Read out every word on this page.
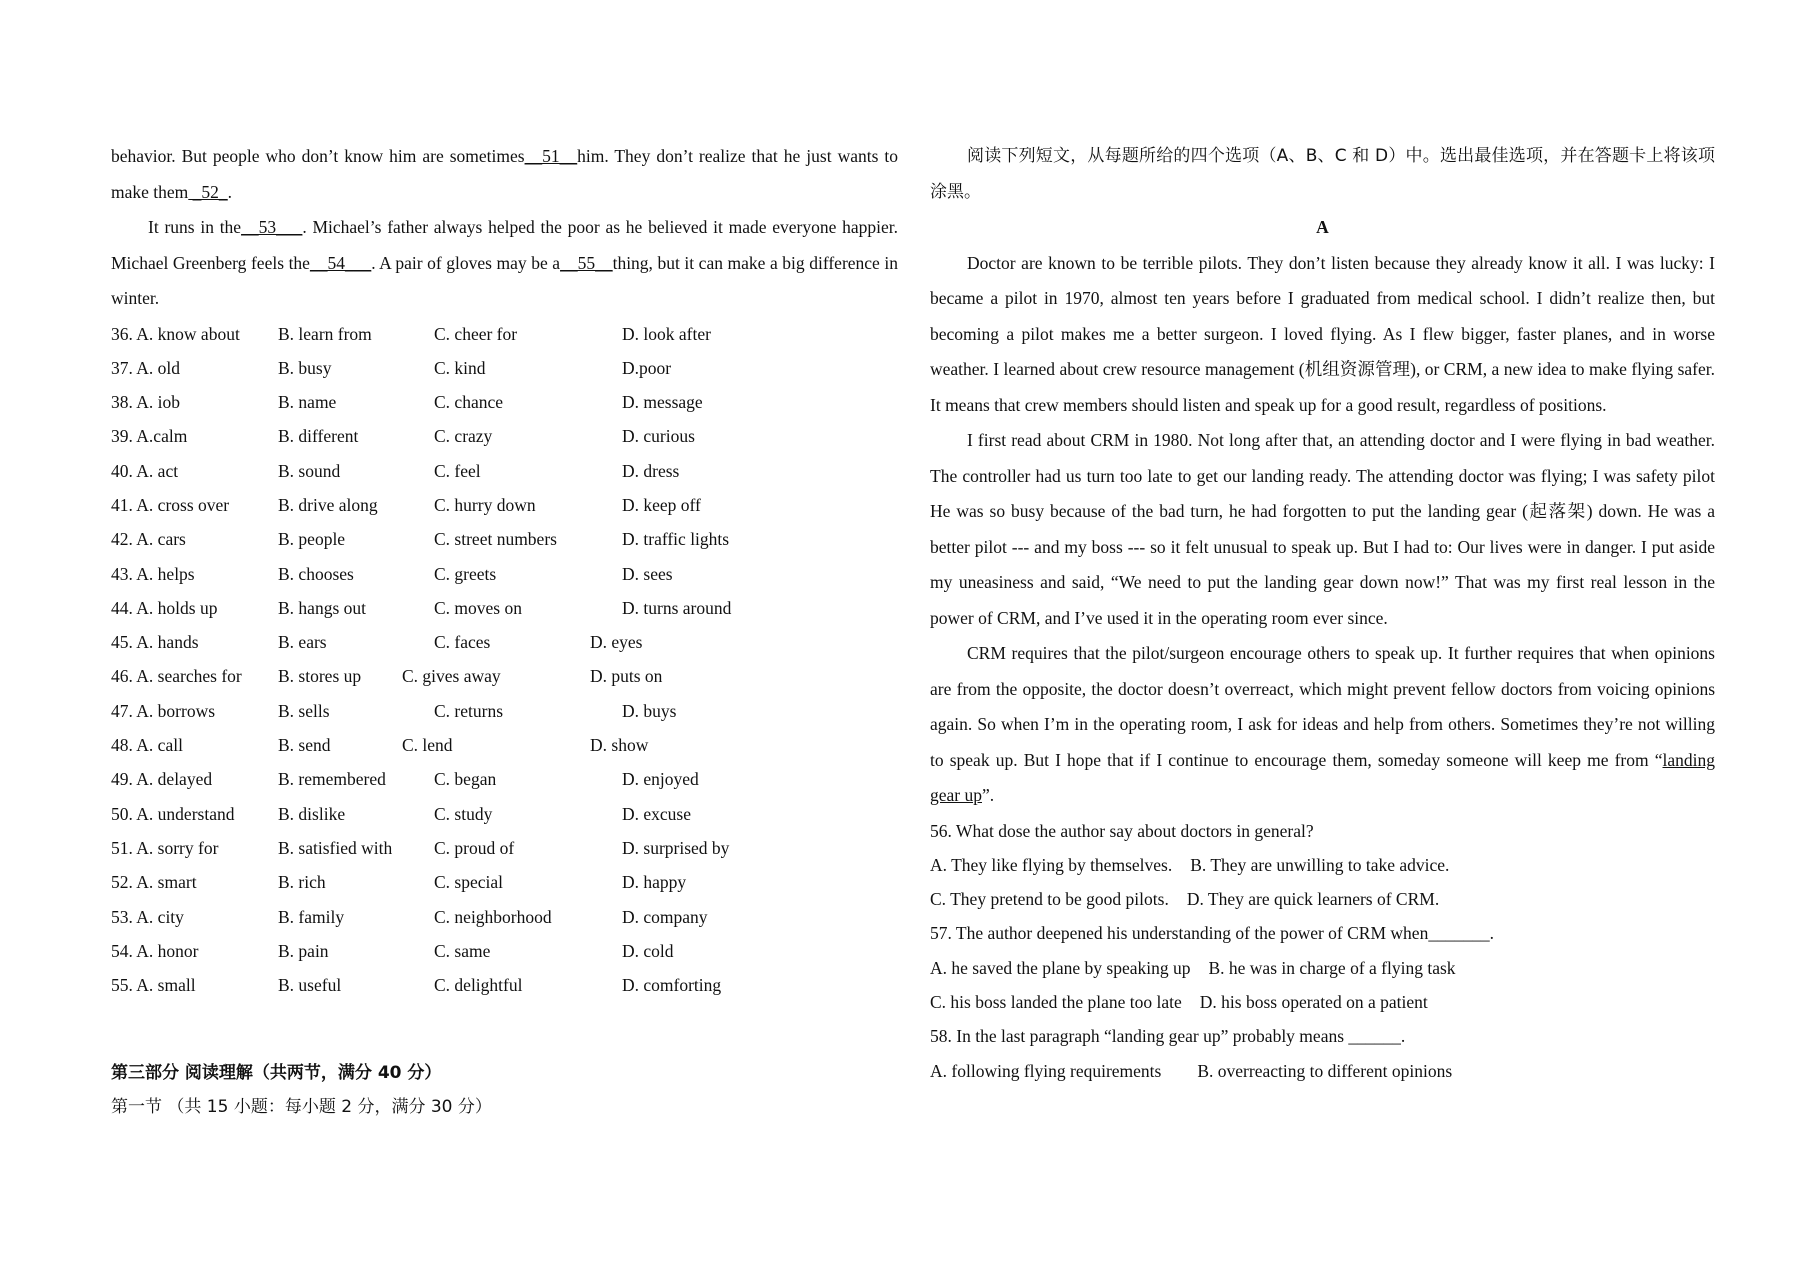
behavior. But people who don’t know him are sometimes__51__him. They don’t realize that he just wants to make them _52_.

It runs in the__53___. Michael’s father always helped the poor as he believed it made everyone happier. Michael Greenberg feels the__54___. A pair of gloves may be a__55__thing, but it can make a big difference in winter.

36. A. know about B. learn from	C. cheer for	D. look after
37. A. old	B. busy	C. kind	D.poor
38. A. iob	B. name	C. chance	D. message
39. A.calm	B. different	C. crazy	D. curious
40. A. act	B. sound	C. feel	D. dress
41. A. cross over	B. drive along	C. hurry down	D. keep off
42. A. cars	B. people	C. street numbers	D. traffic lights
43. A. helps	B. chooses	C. greets	D. sees
44. A. holds up	B. hangs out	C. moves on	D. turns around
45. A. hands	B. ears	C. faces	D. eyes
46. A. searches for B. stores up C. gives away	D. puts on
47. A. borrows	B. sells	C. returns	D. buys
48. A. call	B. send	C. lend	D. show
49. A. delayed	B. remembered	C. began	D. enjoyed
50. A. understand B. dislike	C. study	D. excuse
51. A. sorry for	B. satisfied with C. proud of	D. surprised by
52. A. smart	B. rich	C. special	D. happy
53. A. city	B. family	C. neighborhood	D. company
54. A. honor	B. pain	C. same	D. cold
55. A. small	B. useful	C. delightful	D. comforting
第三部分 阅读理解（共两节，满分 40 分）
第一节 （共 15 小题：每小题 2 分，满分 30 分）

阅读下列短文，从每题所给的四个选项（A、B、C 和 D）中。选出最佳选项，并在答题卡上将该项涂黑。

A

Doctor are known to be terrible pilots. They don’t listen because they already know it all. I was lucky: I became a pilot in 1970, almost ten years before I graduated from medical school. I didn’t realize then, but becoming a pilot makes me a better surgeon. I loved flying. As I flew bigger, faster planes, and in worse weather. I learned about crew resource management (机组资源管理), or CRM, a new idea to make flying safer. It means that crew members should listen and speak up for a good result, regardless of positions.

I first read about CRM in 1980. Not long after that, an attending doctor and I were flying in bad weather. The controller had us turn too late to get our landing ready. The attending doctor was flying; I was safety pilot He was so busy because of the bad turn, he had forgotten to put the landing gear (起落架) down. He was a better pilot --- and my boss --- so it felt unusual to speak up. But I had to: Our lives were in danger. I put aside my uneasiness and said, “We need to put the landing gear down now!” That was my first real lesson in the power of CRM, and I’ve used it in the operating room ever since.

CRM requires that the pilot/surgeon encourage others to speak up. It further requires that when opinions are from the opposite, the doctor doesn’t overreact, which might prevent fellow doctors from voicing opinions again. So when I’m in the operating room, I ask for ideas and help from others. Sometimes they’re not willing to speak up. But I hope that if I continue to encourage them, someday someone will keep me from “landing gear up”.

56. What dose the author say about doctors in general?

A. They like flying by themselves. B. They are unwilling to take advice.

C. They pretend to be good pilots. D. They are quick learners of CRM.

57. The author deepened his understanding of the power of CRM when_______.

A. he saved the plane by speaking up B. he was in charge of a flying task

C. his boss landed the plane too late D. his boss operated on a patient

58. In the last paragraph “landing gear up” probably means ______.

A. following flying requirements B. overreacting to different opinions
